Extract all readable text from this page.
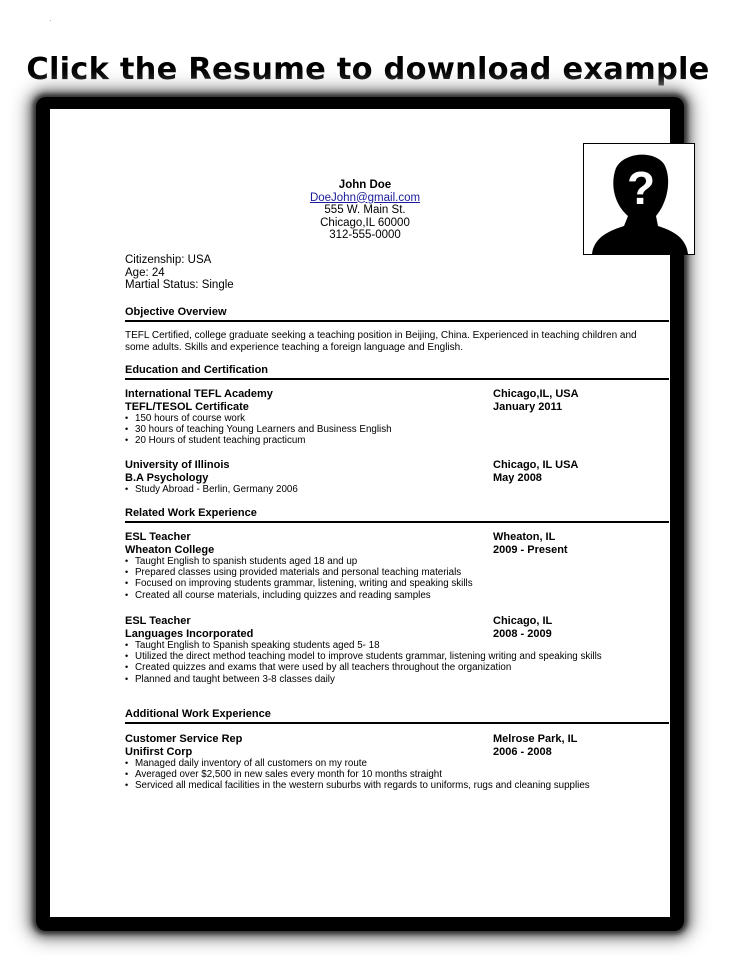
·
Click the Resume to download example
?
John Doe
DoeJohn@gmail.com
555 W. Main St.
Chicago,IL 60000
312-555-0000
Citizenship: USA
Age: 24
Martial Status: Single
Objective Overview
TEFL Certified, college graduate seeking a teaching position in Beijing, China. Experienced in teaching children and some adults. Skills and experience teaching a foreign language and English.
Education and Certification
International TEFL Academy	Chicago,IL, USA
TEFL/TESOL Certificate	January 2011
• 150 hours of course work
• 30 hours of teaching Young Learners and Business English
• 20 Hours of student teaching practicum
University of Illinois	Chicago, IL USA
B.A Psychology	May 2008
• Study Abroad - Berlin, Germany 2006
Related Work Experience
ESL Teacher	Wheaton, IL
Wheaton College	2009 - Present
• Taught English to spanish students aged 18 and up
• Prepared classes using provided materials and personal teaching materials
• Focused on improving students grammar, listening, writing and speaking skills
• Created all course materials, including quizzes and reading samples
ESL Teacher	Chicago, IL
Languages Incorporated	2008 - 2009
• Taught English to Spanish speaking students aged 5- 18
• Utilized the direct method teaching model to improve students grammar, listening writing and speaking skills
• Created quizzes and exams that were used by all teachers throughout the organization
• Planned and taught between 3-8 classes daily
Additional Work Experience
Customer Service Rep	Melrose Park, IL
Unifirst Corp	2006 - 2008
• Managed daily inventory of all customers on my route
• Averaged over $2,500 in new sales every month for 10 months straight
• Serviced all medical facilities in the western suburbs with regards to uniforms, rugs and cleaning supplies
